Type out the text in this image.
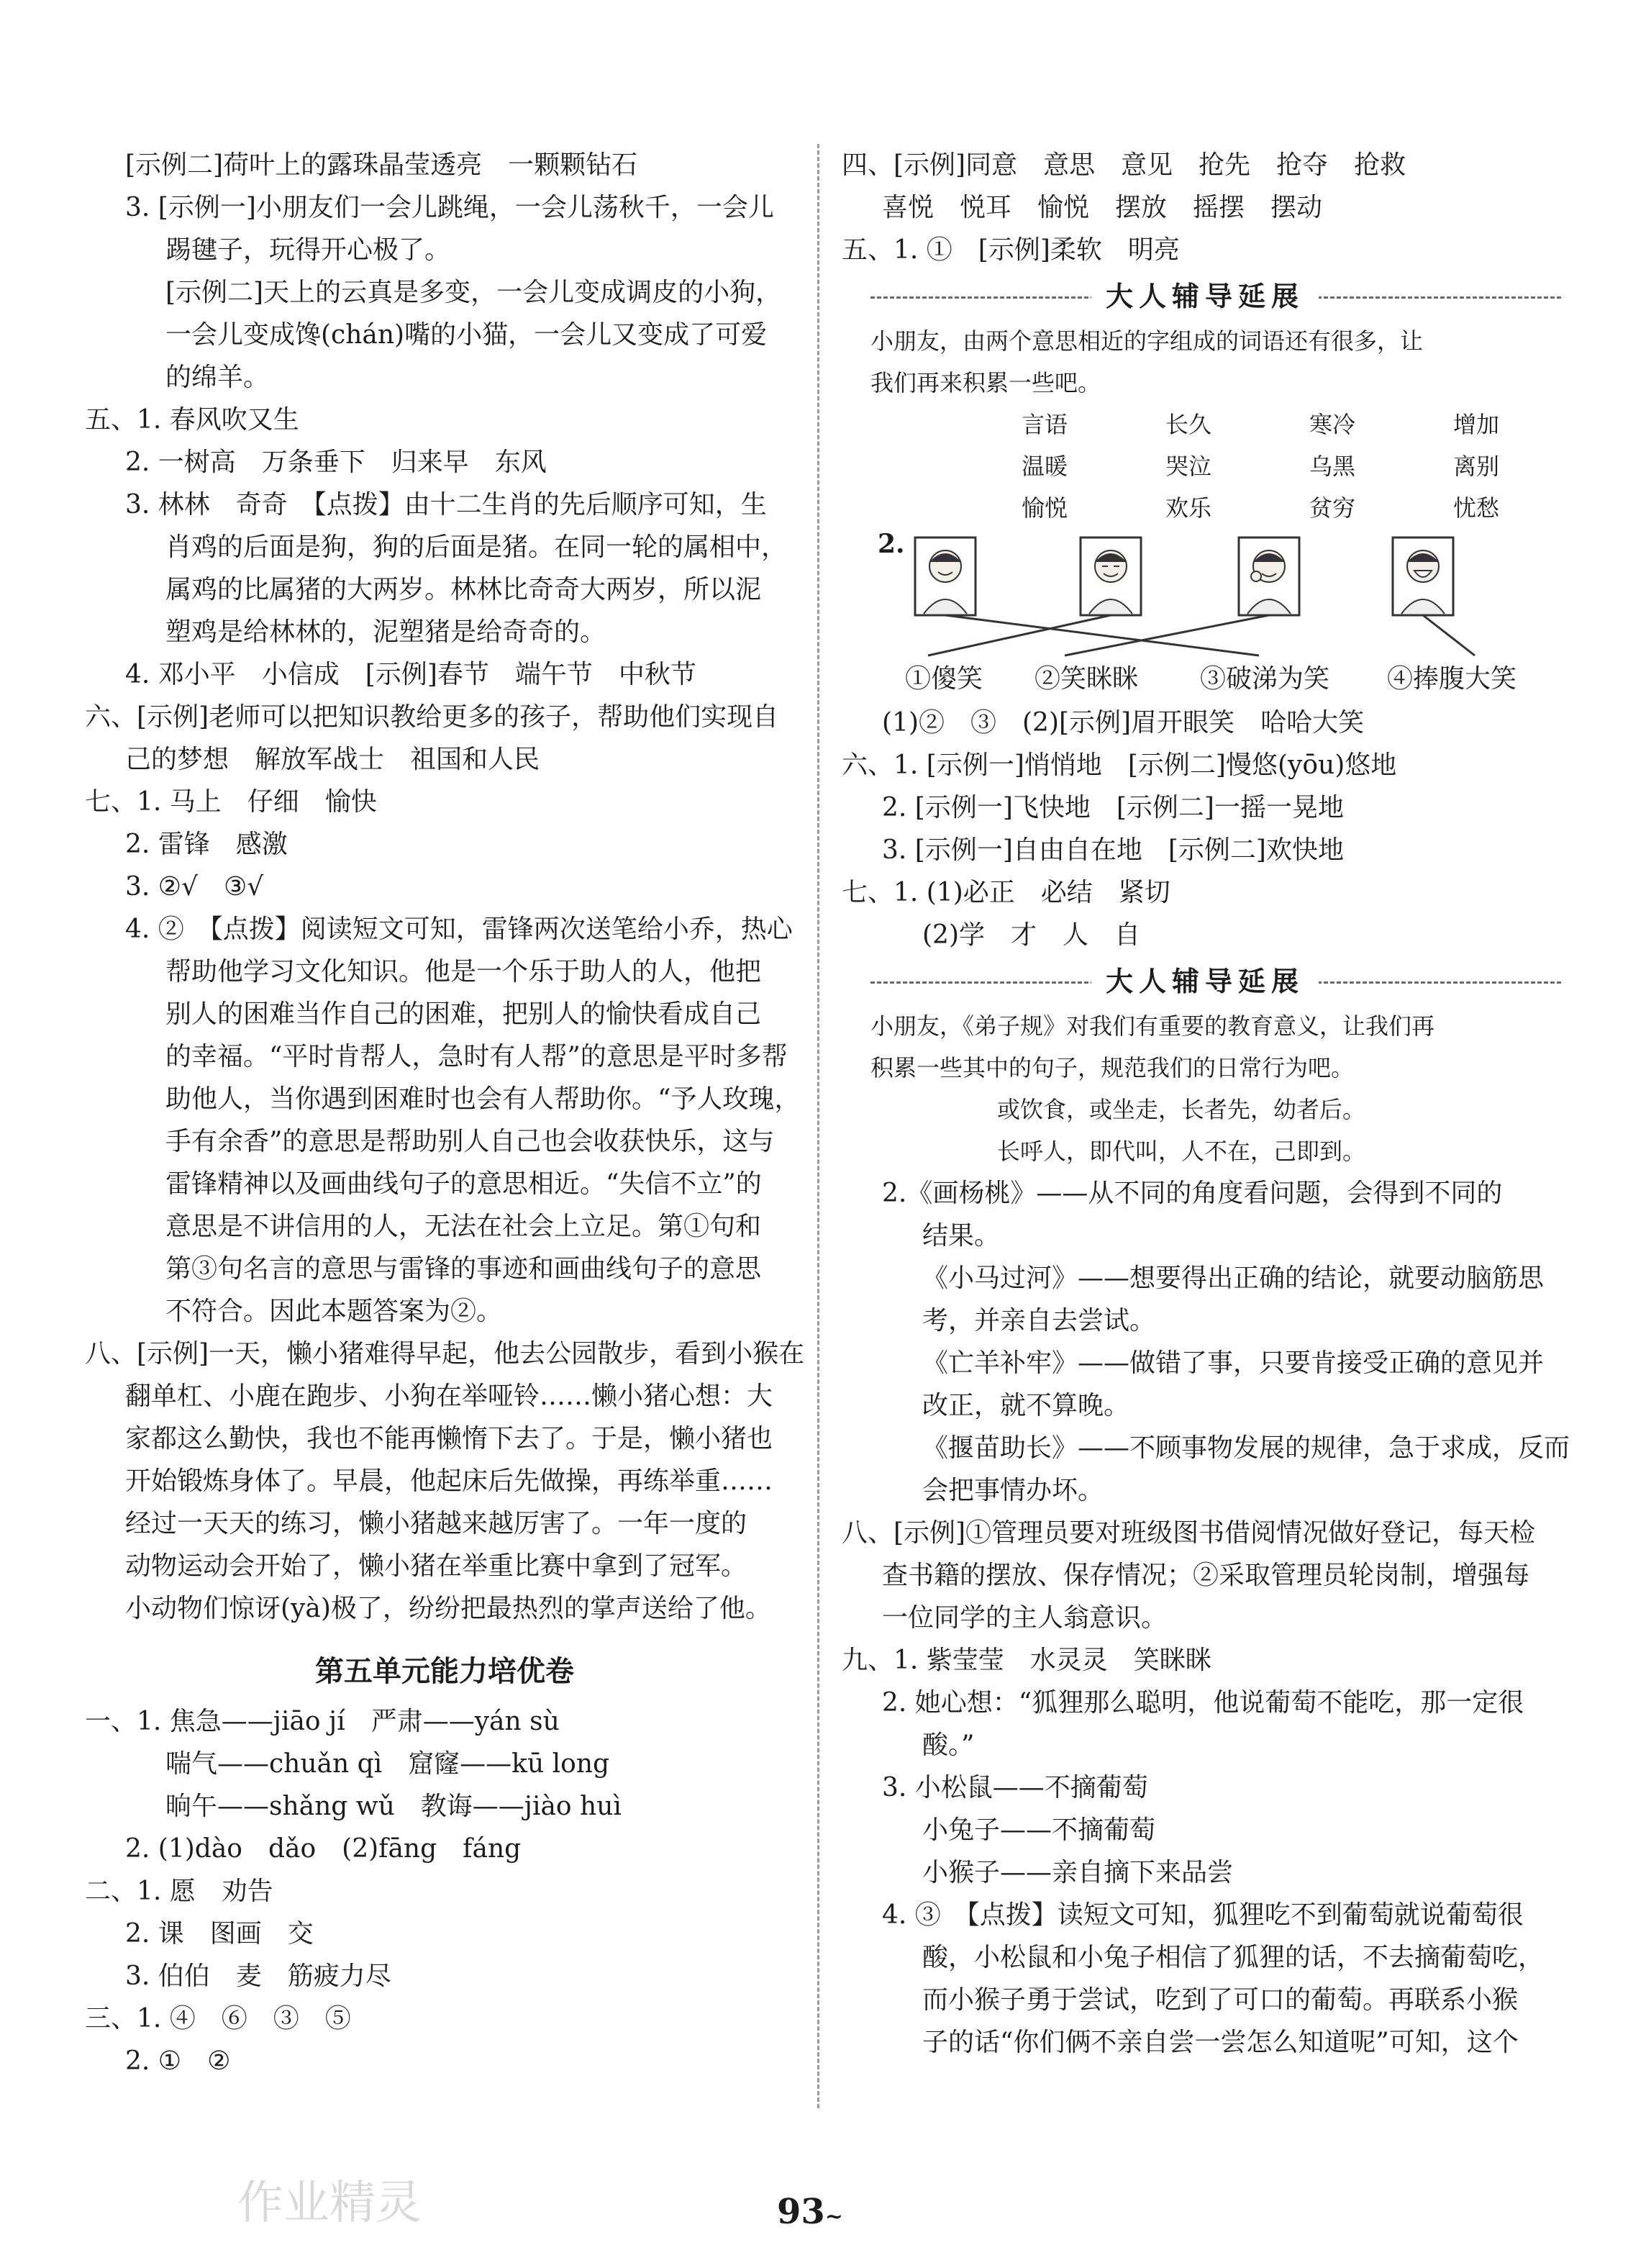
[示例二]荷叶上的露珠晶莹透亮　一颗颗钻石
3. [示例一]小朋友们一会儿跳绳，一会儿荡秋千，一会儿
踢毽子，玩得开心极了。
[示例二]天上的云真是多变，一会儿变成调皮的小狗，
一会儿变成馋(chán)嘴的小猫，一会儿又变成了可爱
的绵羊。
五、1. 春风吹又生
2. 一树高　万条垂下　归来早　东风
3. 林林　奇奇　【点拨】由十二生肖的先后顺序可知，生
肖鸡的后面是狗，狗的后面是猪。在同一轮的属相中，
属鸡的比属猪的大两岁。林林比奇奇大两岁，所以泥
塑鸡是给林林的，泥塑猪是给奇奇的。
4. 邓小平　小信成　[示例]春节　端午节　中秋节
六、[示例]老师可以把知识教给更多的孩子，帮助他们实现自
己的梦想　解放军战士　祖国和人民
七、1. 马上　仔细　愉快
2. 雷锋　感激
3. ②√　③√
4. ②　【点拨】阅读短文可知，雷锋两次送笔给小乔，热心
帮助他学习文化知识。他是一个乐于助人的人，他把
别人的困难当作自己的困难，把别人的愉快看成自己
的幸福。“平时肯帮人，急时有人帮”的意思是平时多帮
助他人，当你遇到困难时也会有人帮助你。“予人玫瑰，
手有余香”的意思是帮助别人自己也会收获快乐，这与
雷锋精神以及画曲线句子的意思相近。“失信不立”的
意思是不讲信用的人，无法在社会上立足。第①句和
第③句名言的意思与雷锋的事迹和画曲线句子的意思
不符合。因此本题答案为②。
八、[示例]一天，懒小猪难得早起，他去公园散步，看到小猴在
翻单杠、小鹿在跑步、小狗在举哑铃……懒小猪心想：大
家都这么勤快，我也不能再懒惰下去了。于是，懒小猪也
开始锻炼身体了。早晨，他起床后先做操，再练举重……
经过一天天的练习，懒小猪越来越厉害了。一年一度的
动物运动会开始了，懒小猪在举重比赛中拿到了冠军。
小动物们惊讶(yà)极了，纷纷把最热烈的掌声送给了他。
第五单元能力培优卷
一、1. 焦急——jiāo jí　严肃——yán sù
喘气——chuǎn qì　窟窿——kū long
晌午——shǎng wǔ　教诲——jiào huì
2. (1)dào　dǎo　(2)fāng　fáng
二、1. 愿　劝告
2. 课　图画　交
3. 伯伯　麦　筋疲力尽
三、1. ④　⑥　③　⑤
2. ①　②
四、[示例]同意　意思　意见　抢先　抢夺　抢救
喜悦　悦耳　愉悦　摆放　摇摆　摆动
五、1. ①　[示例]柔软　明亮
大人辅导延展
小朋友，由两个意思相近的字组成的词语还有很多，让
我们再来积累一些吧。
言语	长久	寒冷	增加
温暖	哭泣	乌黑	离别
愉悦	欢乐	贫穷	忧愁
2.
①傻笑 ②笑眯眯 ③破涕为笑 ④捧腹大笑
(1)②　③　(2)[示例]眉开眼笑　哈哈大笑
六、1. [示例一]悄悄地　[示例二]慢悠(yōu)悠地
2. [示例一]飞快地　[示例二]一摇一晃地
3. [示例一]自由自在地　[示例二]欢快地
七、1. (1)必正　必结　紧切
(2)学　才　人　自
大人辅导延展
小朋友，《弟子规》对我们有重要的教育意义，让我们再
积累一些其中的句子，规范我们的日常行为吧。
或饮食，或坐走，长者先，幼者后。
长呼人，即代叫，人不在，己即到。
2.《画杨桃》——从不同的角度看问题，会得到不同的
结果。
《小马过河》——想要得出正确的结论，就要动脑筋思
考，并亲自去尝试。
《亡羊补牢》——做错了事，只要肯接受正确的意见并
改正，就不算晚。
《揠苗助长》——不顾事物发展的规律，急于求成，反而
会把事情办坏。
八、[示例]①管理员要对班级图书借阅情况做好登记，每天检
查书籍的摆放、保存情况；②采取管理员轮岗制，增强每
一位同学的主人翁意识。
九、1. 紫莹莹　水灵灵　笑眯眯
2. 她心想：“狐狸那么聪明，他说葡萄不能吃，那一定很
酸。”
3. 小松鼠——不摘葡萄
小兔子——不摘葡萄
小猴子——亲自摘下来品尝
4. ③　【点拨】读短文可知，狐狸吃不到葡萄就说葡萄很
酸，小松鼠和小兔子相信了狐狸的话，不去摘葡萄吃，
而小猴子勇于尝试，吃到了可口的葡萄。再联系小猴
子的话“你们俩不亲自尝一尝怎么知道呢”可知，这个
93~
作业精灵
